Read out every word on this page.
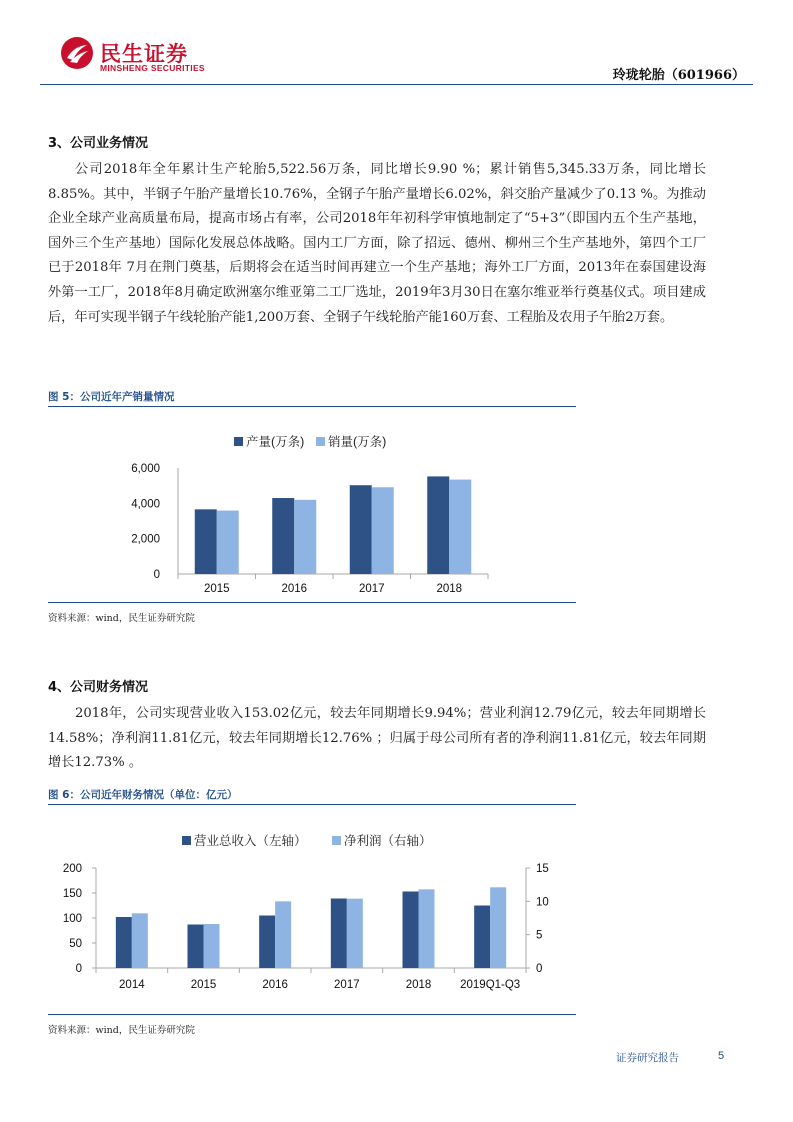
民生证券
MINSHENG SECURITIES	玲珑轮胎（601966）
3、公司业务情况
公司2018年全年累计生产轮胎5,522.56万条，同比增长9.90 %；累计销售5,345.33万条，同比增长8.85%。其中，半钢子午胎产量增长10.76%，全钢子午胎产量增长6.02%，斜交胎产量减少了0.13 %。为推动企业全球产业高质量布局，提高市场占有率，公司2018年年初科学审慎地制定了“5+3”（即国内五个生产基地，国外三个生产基地）国际化发展总体战略。国内工厂方面，除了招远、德州、柳州三个生产基地外，第四个工厂已于2018年 7月在荆门奠基，后期将会在适当时间再建立一个生产基地；海外工厂方面，2013年在泰国建设海外第一工厂，2018年8月确定欧洲塞尔维亚第二工厂选址，2019年3月30日在塞尔维亚举行奠基仪式。项目建成后，年可实现半钢子午线轮胎产能1,200万套、全钢子午线轮胎产能160万套、工程胎及农用子午胎2万套。
图 5：公司近年产销量情况
产量(万条) 销量(万条)
0
2,000
4,000
6,000
2015	2016	2017	2018
资料来源：wind，民生证券研究院
4、公司财务情况
2018年，公司实现营业收入153.02亿元，较去年同期增长9.94%；营业利润12.79亿元，较去年同期增长14.58%；净利润11.81亿元，较去年同期增长12.76% ；归属于母公司所有者的净利润11.81亿元，较去年同期增长12.73% 。
图 6：公司近年财务情况（单位：亿元）
营业总收入（左轴）	净利润（右轴）
0
50
100
150
200
0
5
10
15
2014	2015	2016	2017	2018	2019Q1-Q3
资料来源：wind，民生证券研究院
证券研究报告	5
